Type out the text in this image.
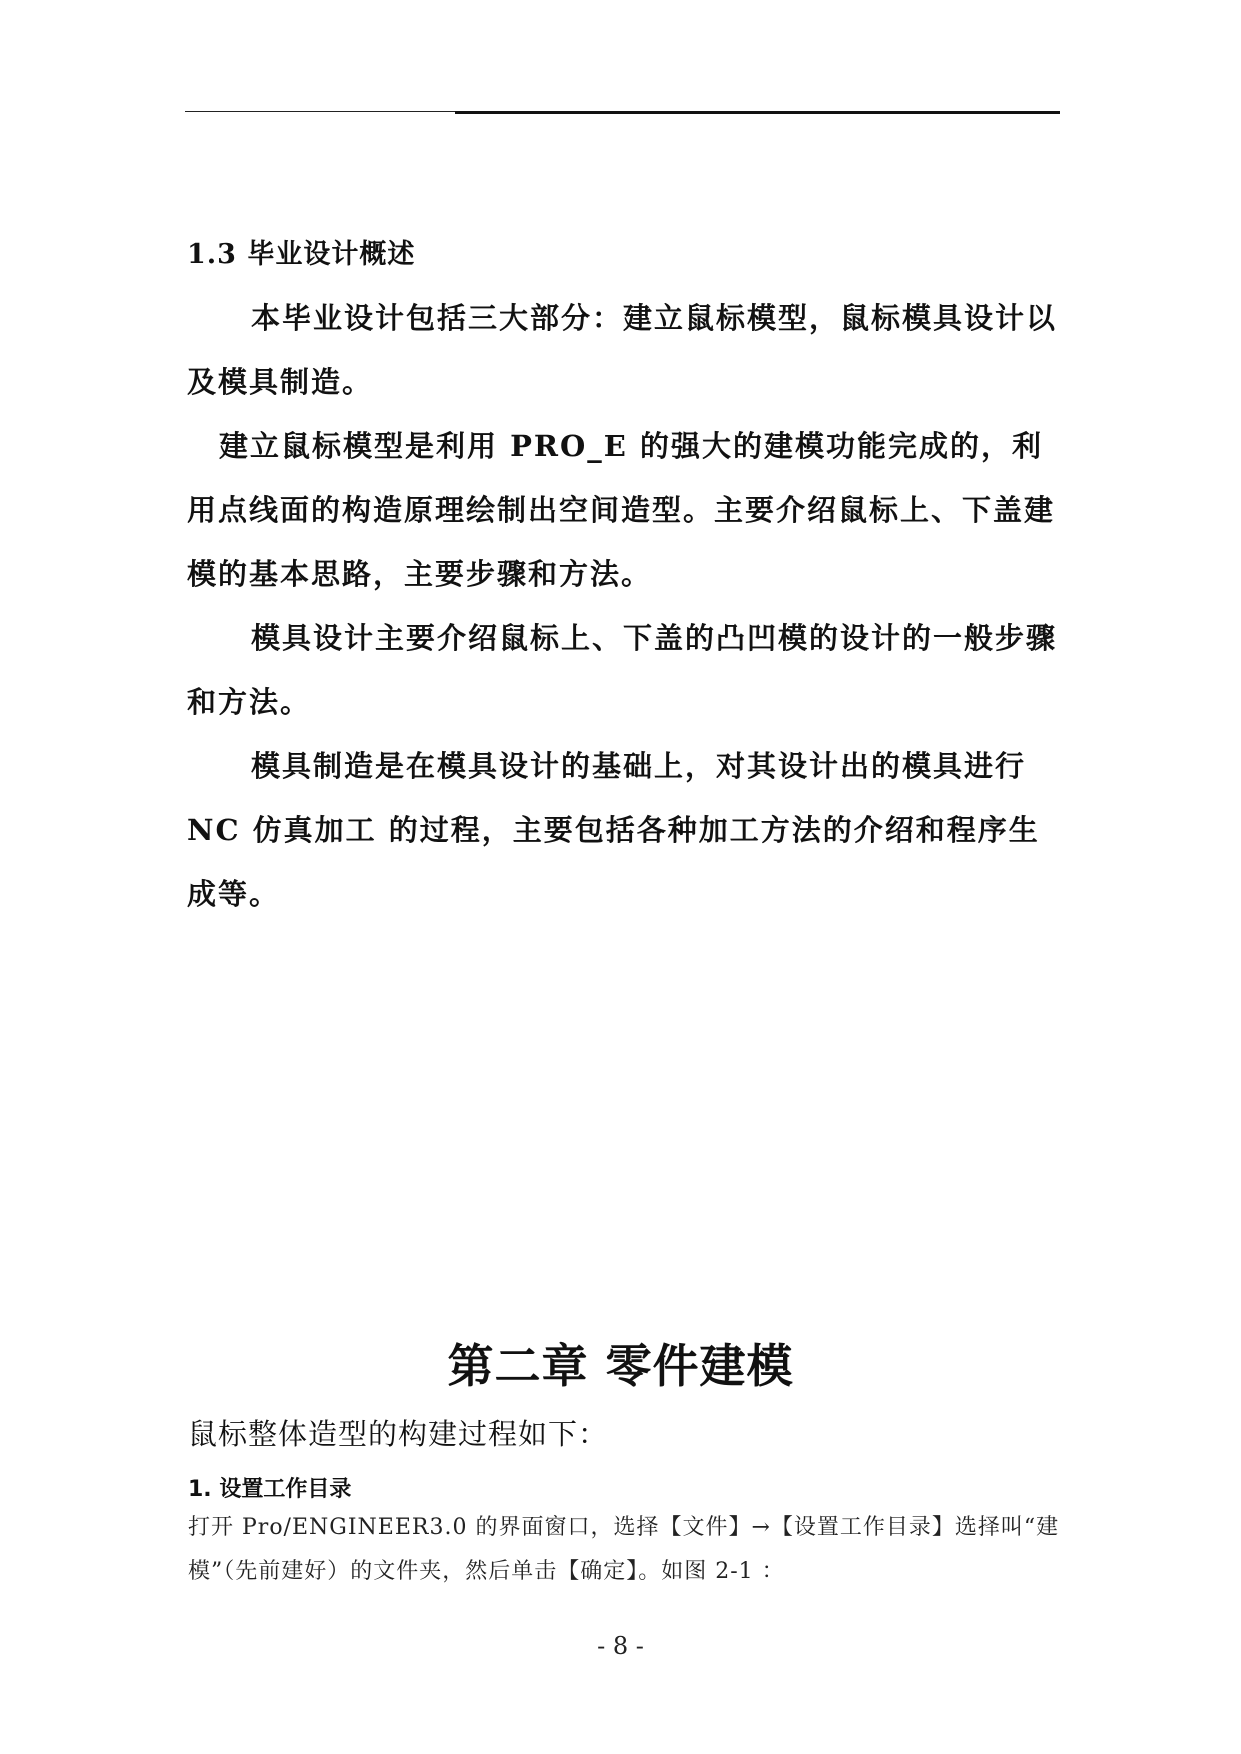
1.3 毕业设计概述
本毕业设计包括三大部分：建立鼠标模型，鼠标模具设计以及模具制造。
建立鼠标模型是利用 PRO_E 的强大的建模功能完成的，利用点线面的构造原理绘制出空间造型。主要介绍鼠标上、下盖建模的基本思路，主要步骤和方法。
模具设计主要介绍鼠标上、下盖的凸凹模的设计的一般步骤和方法。
模具制造是在模具设计的基础上，对其设计出的模具进行 NC 仿真加工 的过程，主要包括各种加工方法的介绍和程序生成等。
第二章 零件建模
鼠标整体造型的构建过程如下：
1. 设置工作目录
打开 Pro/ENGINEER3.0 的界面窗口，选择【文件】→【设置工作目录】选择叫“建模”（先前建好）的文件夹，然后单击【确定】。如图 2-1 ：
- 8 -
